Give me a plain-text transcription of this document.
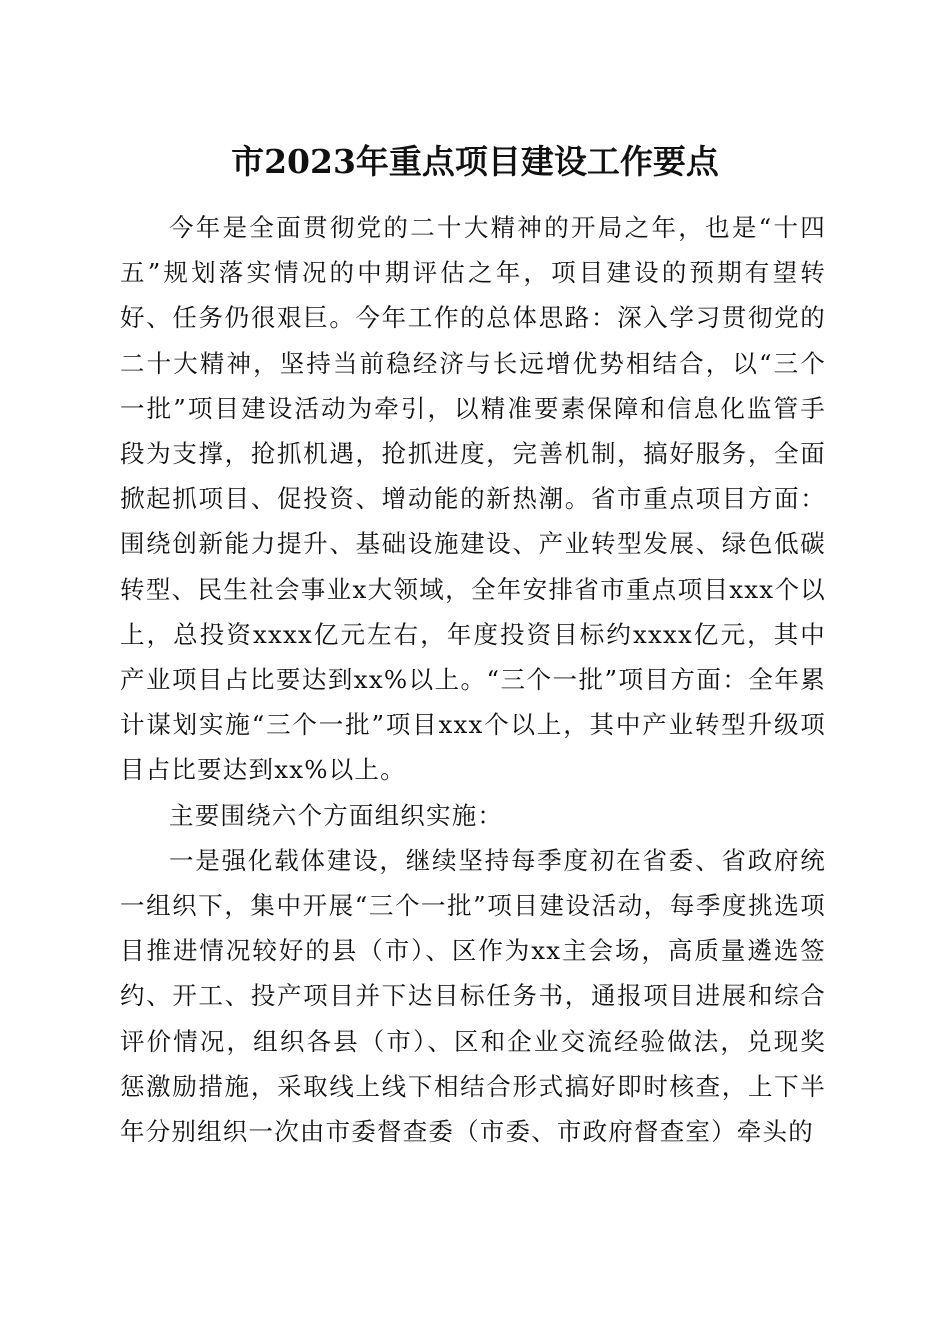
市2023年重点项目建设工作要点

今年是全面贯彻党的二十大精神的开局之年，也是“十四五”规划落实情况的中期评估之年，项目建设的预期有望转好、任务仍很艰巨。今年工作的总体思路：深入学习贯彻党的二十大精神，坚持当前稳经济与长远增优势相结合，以“三个一批”项目建设活动为牵引，以精准要素保障和信息化监管手段为支撑，抢抓机遇，抢抓进度，完善机制，搞好服务，全面掀起抓项目、促投资、增动能的新热潮。省市重点项目方面：围绕创新能力提升、基础设施建设、产业转型发展、绿色低碳转型、民生社会事业x大领域，全年安排省市重点项目xxx个以上，总投资xxxx亿元左右，年度投资目标约xxxx亿元，其中产业项目占比要达到xx%以上。“三个一批”项目方面：全年累计谋划实施“三个一批”项目xxx个以上，其中产业转型升级项目占比要达到xx%以上。

主要围绕六个方面组织实施：

一是强化载体建设，继续坚持每季度初在省委、省政府统一组织下，集中开展“三个一批”项目建设活动，每季度挑选项目推进情况较好的县（市）、区作为xx主会场，高质量遴选签约、开工、投产项目并下达目标任务书，通报项目进展和综合评价情况，组织各县（市）、区和企业交流经验做法，兑现奖惩激励措施，采取线上线下相结合形式搞好即时核查，上下半年分别组织一次由市委督查委（市委、市政府督查室）牵头的
